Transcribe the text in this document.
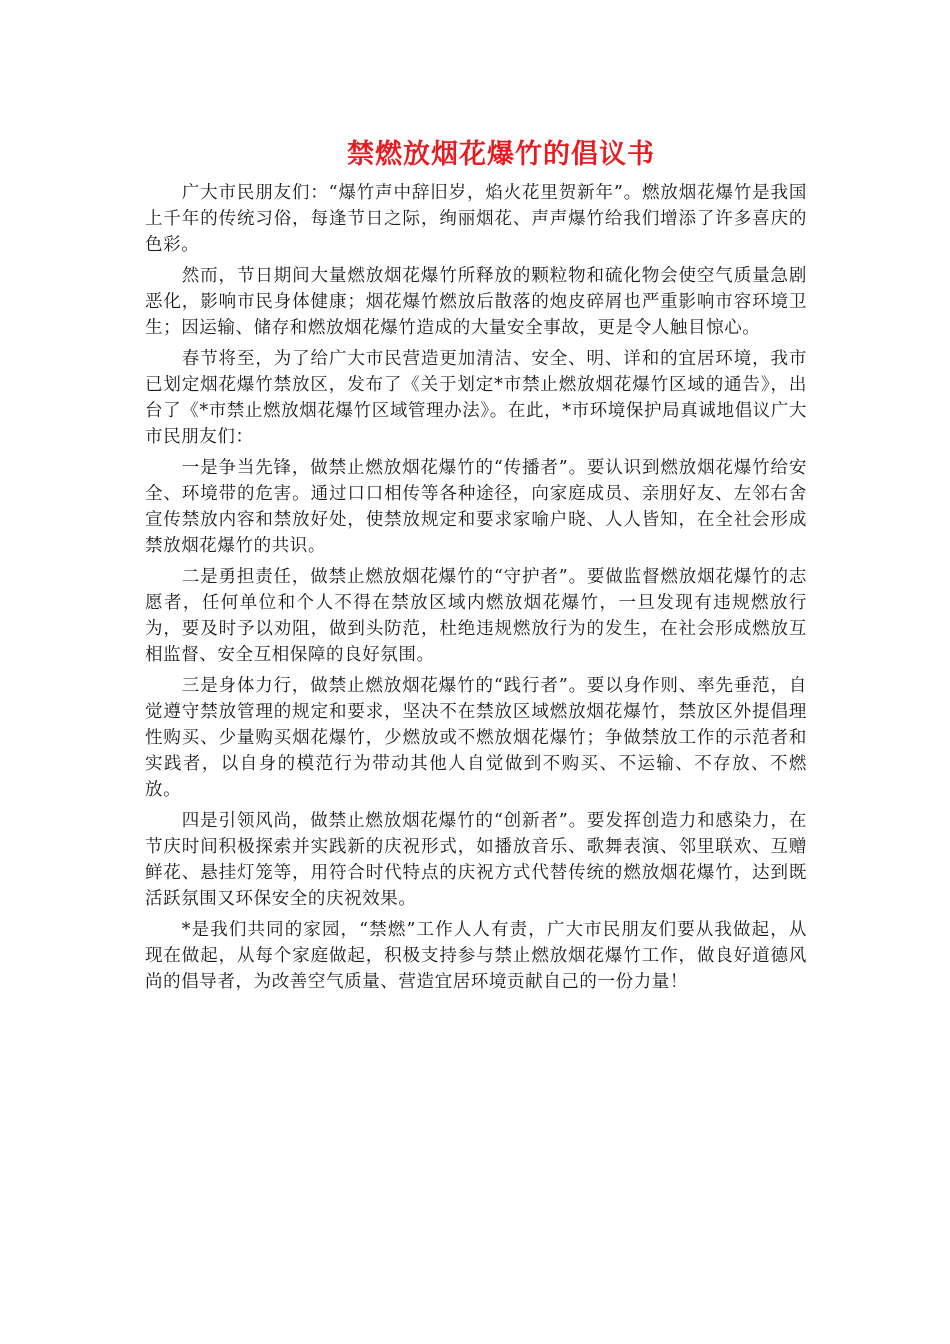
禁燃放烟花爆竹的倡议书

广大市民朋友们：“爆竹声中辞旧岁，焰火花里贺新年”。燃放烟花爆竹是我国上千年的传统习俗，每逢节日之际，绚丽烟花、声声爆竹给我们增添了许多喜庆的色彩。

然而，节日期间大量燃放烟花爆竹所释放的颗粒物和硫化物会使空气质量急剧恶化，影响市民身体健康；烟花爆竹燃放后散落的炮皮碎屑也严重影响市容环境卫生；因运输、储存和燃放烟花爆竹造成的大量安全事故，更是令人触目惊心。

春节将至，为了给广大市民营造更加清洁、安全、明、详和的宜居环境，我市已划定烟花爆竹禁放区，发布了《关于划定*市禁止燃放烟花爆竹区域的通告》，出台了《*市禁止燃放烟花爆竹区域管理办法》。在此，*市环境保护局真诚地倡议广大市民朋友们：

一是争当先锋，做禁止燃放烟花爆竹的“传播者”。要认识到燃放烟花爆竹给安全、环境带的危害。通过口口相传等各种途径，向家庭成员、亲朋好友、左邻右舍宣传禁放内容和禁放好处，使禁放规定和要求家喻户晓、人人皆知，在全社会形成禁放烟花爆竹的共识。

二是勇担责任，做禁止燃放烟花爆竹的“守护者”。要做监督燃放烟花爆竹的志愿者，任何单位和个人不得在禁放区域内燃放烟花爆竹，一旦发现有违规燃放行为，要及时予以劝阻，做到头防范，杜绝违规燃放行为的发生，在社会形成燃放互相监督、安全互相保障的良好氛围。

三是身体力行，做禁止燃放烟花爆竹的“践行者”。要以身作则、率先垂范，自觉遵守禁放管理的规定和要求，坚决不在禁放区域燃放烟花爆竹，禁放区外提倡理性购买、少量购买烟花爆竹，少燃放或不燃放烟花爆竹；争做禁放工作的示范者和实践者，以自身的模范行为带动其他人自觉做到不购买、不运输、不存放、不燃放。

四是引领风尚，做禁止燃放烟花爆竹的“创新者”。要发挥创造力和感染力，在节庆时间积极探索并实践新的庆祝形式，如播放音乐、歌舞表演、邻里联欢、互赠鲜花、悬挂灯笼等，用符合时代特点的庆祝方式代替传统的燃放烟花爆竹，达到既活跃氛围又环保安全的庆祝效果。

*是我们共同的家园，“禁燃”工作人人有责，广大市民朋友们要从我做起，从现在做起，从每个家庭做起，积极支持参与禁止燃放烟花爆竹工作，做良好道德风尚的倡导者，为改善空气质量、营造宜居环境贡献自己的一份力量！
